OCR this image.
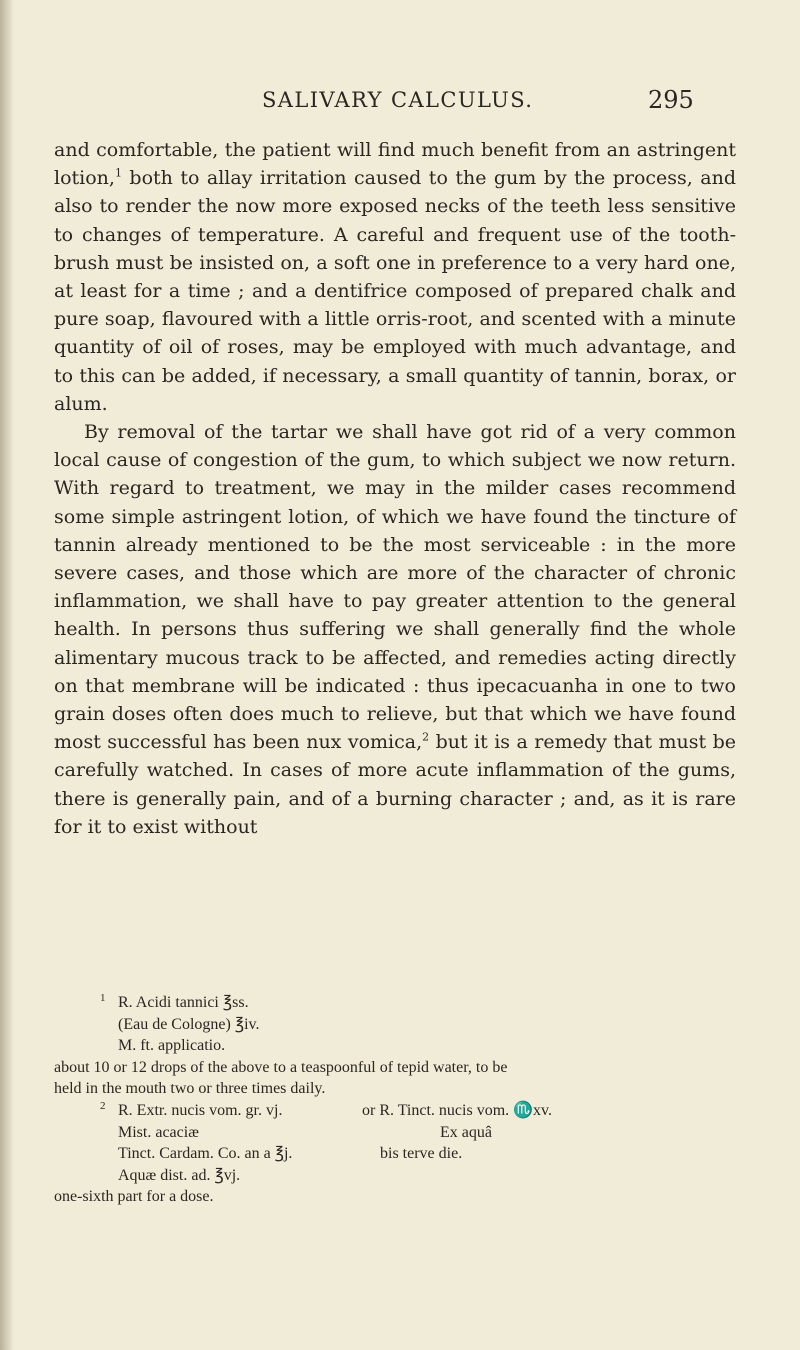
SALIVARY CALCULUS.	295

and comfortable, the patient will find much benefit from an astringent lotion,$^1$ both to allay irritation caused to the gum by the process, and also to render the now more exposed necks of the teeth less sensitive to changes of temperature. A careful and frequent use of the tooth-brush must be insisted on, a soft one in preference to a very hard one, at least for a time ; and a dentifrice composed of prepared chalk and pure soap, flavoured with a little orris-root, and scented with a minute quantity of oil of roses, may be employed with much advantage, and to this can be added, if necessary, a small quantity of tannin, borax, or alum.

By removal of the tartar we shall have got rid of a very common local cause of congestion of the gum, to which subject we now return. With regard to treatment, we may in the milder cases recommend some simple astringent lotion, of which we have found the tincture of tannin already mentioned to be the most serviceable : in the more severe cases, and those which are more of the character of chronic inflammation, we shall have to pay greater attention to the general health. In persons thus suffering we shall generally find the whole alimentary mucous track to be affected, and remedies acting directly on that membrane will be indicated : thus ipecacuanha in one to two grain doses often does much to relieve, but that which we have found most successful has been nux vomica,$^2$ but it is a remedy that must be carefully watched. In cases of more acute inflammation of the gums, there is generally pain, and of a burning character ; and, as it is rare for it to exist without

1 R. Acidi tannici ℥ss.
(Eau de Cologne) ℥iv.
M. ft. applicatio.
about 10 or 12 drops of the above to a teaspoonful of tepid water, to be
held in the mouth two or three times daily.
2 R. Extr. nucis vom. gr. vj.	or R. Tinct. nucis vom. ♏xv.
Mist. acaciæ	Ex aquâ
Tinct. Cardam. Co. an a ℥j.	bis terve die.
Aquæ dist. ad. ℥vj.
one-sixth part for a dose.
